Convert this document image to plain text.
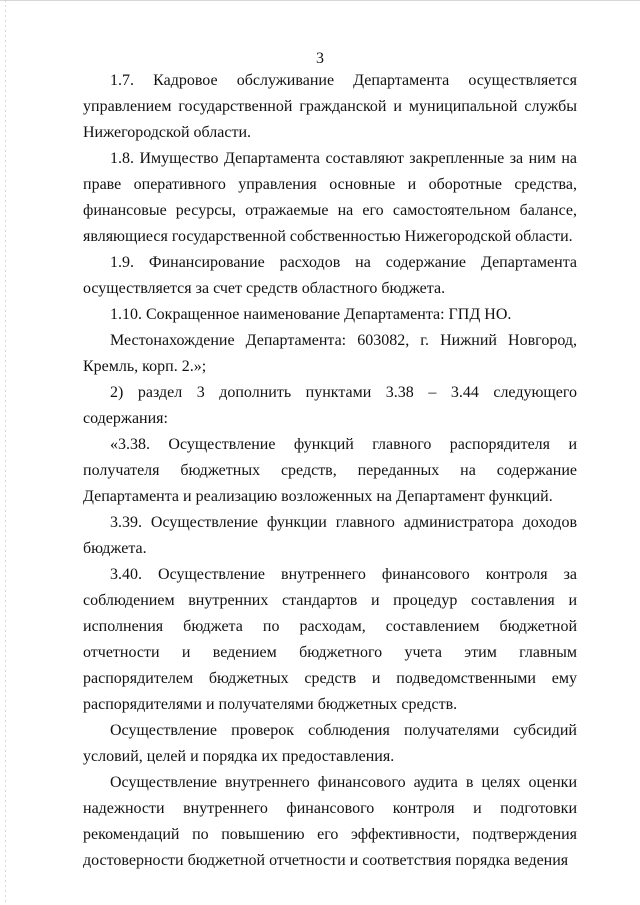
3

1.7. Кадровое обслуживание Департамента осуществляется управлением государственной гражданской и муниципальной службы Нижегородской области.

1.8. Имущество Департамента составляют закрепленные за ним на праве оперативного управления основные и оборотные средства, финансовые ресурсы, отражаемые на его самостоятельном балансе, являющиеся государственной собственностью Нижегородской области.

1.9. Финансирование расходов на содержание Департамента осуществляется за счет средств областного бюджета.

1.10. Сокращенное наименование Департамента: ГПД НО.

Местонахождение Департамента: 603082, г. Нижний Новгород, Кремль, корп. 2.»;

2) раздел 3 дополнить пунктами 3.38 – 3.44 следующего содержания:

«3.38. Осуществление функций главного распорядителя и получателя бюджетных средств, переданных на содержание Департамента и реализацию возложенных на Департамент функций.

3.39. Осуществление функции главного администратора доходов бюджета.

3.40. Осуществление внутреннего финансового контроля за соблюдением внутренних стандартов и процедур составления и исполнения бюджета по расходам, составлением бюджетной отчетности и ведением бюджетного учета этим главным распорядителем бюджетных средств и подведомственными ему распорядителями и получателями бюджетных средств.

Осуществление проверок соблюдения получателями субсидий условий, целей и порядка их предоставления.

Осуществление внутреннего финансового аудита в целях оценки надежности внутреннего финансового контроля и подготовки рекомендаций по повышению его эффективности, подтверждения достоверности бюджетной отчетности и соответствия порядка ведения
